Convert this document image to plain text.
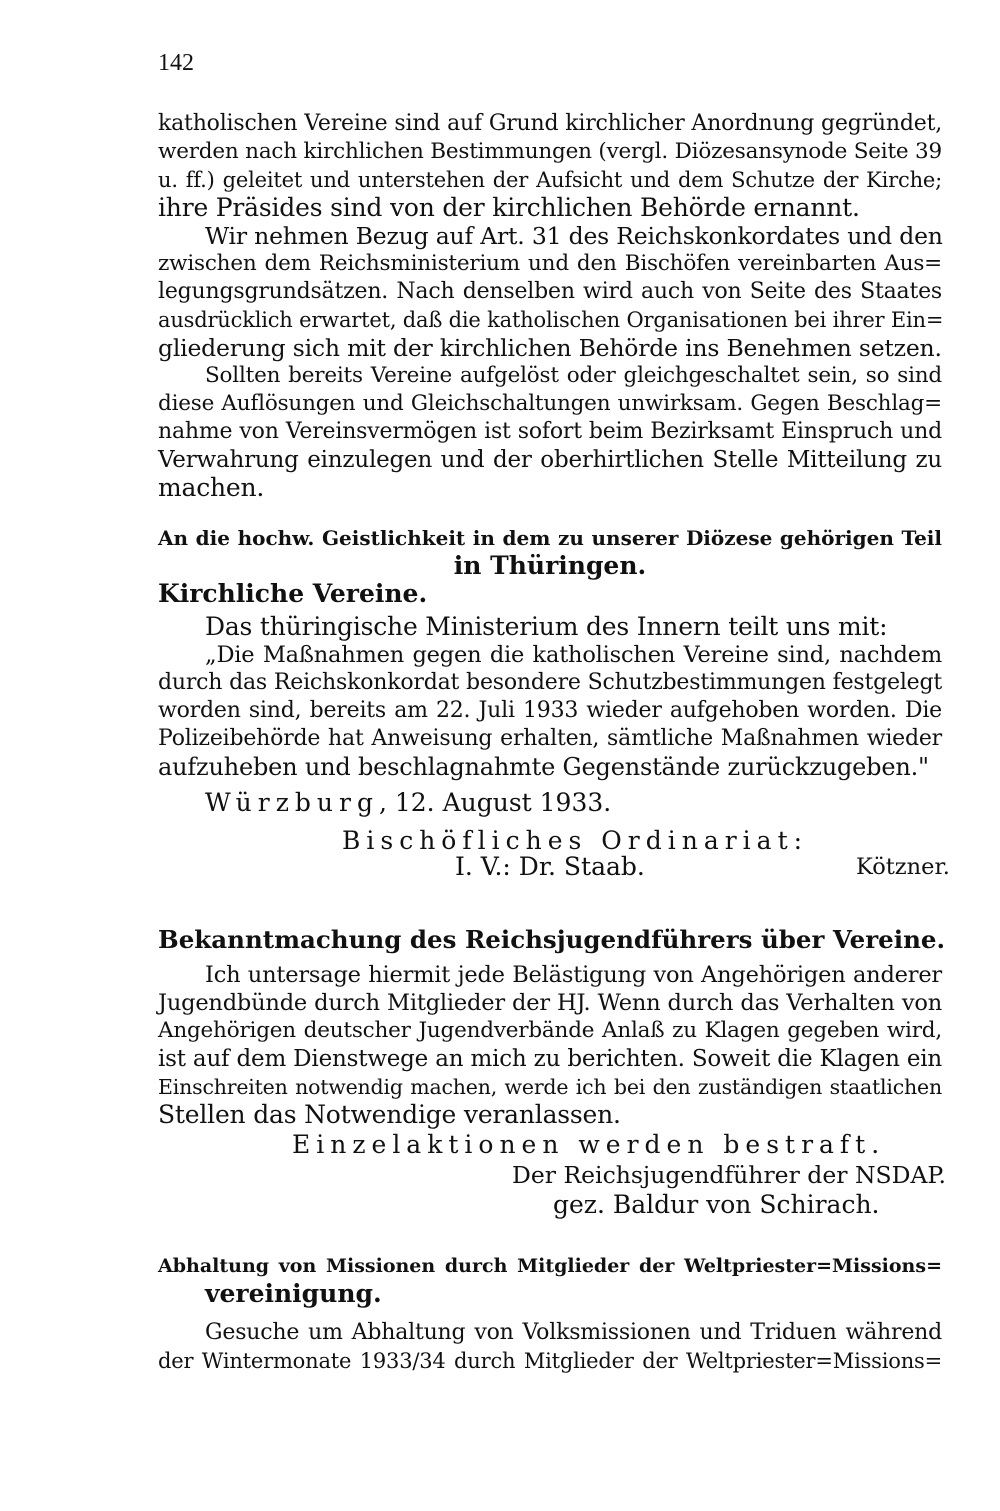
142
katholischen Vereine sind auf Grund kirchlicher Anordnung gegründet,
werden nach kirchlichen Bestimmungen (vergl. Diözesansynode Seite 39
u. ff.) geleitet und unterstehen der Aufsicht und dem Schutze der Kirche;
ihre Präsides sind von der kirchlichen Behörde ernannt.
Wir nehmen Bezug auf Art. 31 des Reichskonkordates und den
zwischen dem Reichsministerium und den Bischöfen vereinbarten Aus=
legungsgrundsätzen. Nach denselben wird auch von Seite des Staates
ausdrücklich erwartet, daß die katholischen Organisationen bei ihrer Ein=
gliederung sich mit der kirchlichen Behörde ins Benehmen setzen.
Sollten bereits Vereine aufgelöst oder gleichgeschaltet sein, so sind
diese Auflösungen und Gleichschaltungen unwirksam. Gegen Beschlag=
nahme von Vereinsvermögen ist sofort beim Bezirksamt Einspruch und
Verwahrung einzulegen und der oberhirtlichen Stelle Mitteilung zu
machen.
An die hochw. Geistlichkeit in dem zu unserer Diözese gehörigen Teil
in Thüringen.
Kirchliche Vereine.
Das thüringische Ministerium des Innern teilt uns mit:
„Die Maßnahmen gegen die katholischen Vereine sind, nachdem
durch das Reichskonkordat besondere Schutzbestimmungen festgelegt
worden sind, bereits am 22. Juli 1933 wieder aufgehoben worden. Die
Polizeibehörde hat Anweisung erhalten, sämtliche Maßnahmen wieder
aufzuheben und beschlagnahmte Gegenstände zurückzugeben."
Würzburg, 12. August 1933.
Bischöfliches Ordinariat:
I. V.: Dr. Staab.	Kötzner.
Bekanntmachung des Reichsjugendführers über Vereine.
Ich untersage hiermit jede Belästigung von Angehörigen anderer
Jugendbünde durch Mitglieder der HJ. Wenn durch das Verhalten von
Angehörigen deutscher Jugendverbände Anlaß zu Klagen gegeben wird,
ist auf dem Dienstwege an mich zu berichten. Soweit die Klagen ein
Einschreiten notwendig machen, werde ich bei den zuständigen staatlichen
Stellen das Notwendige veranlassen.
Einzelaktionen werden bestraft.
Der Reichsjugendführer der NSDAP.
gez. Baldur von Schirach.
Abhaltung von Missionen durch Mitglieder der Weltpriester=Missions=
vereinigung.
Gesuche um Abhaltung von Volksmissionen und Triduen während
der Wintermonate 1933/34 durch Mitglieder der Weltpriester=Missions=
